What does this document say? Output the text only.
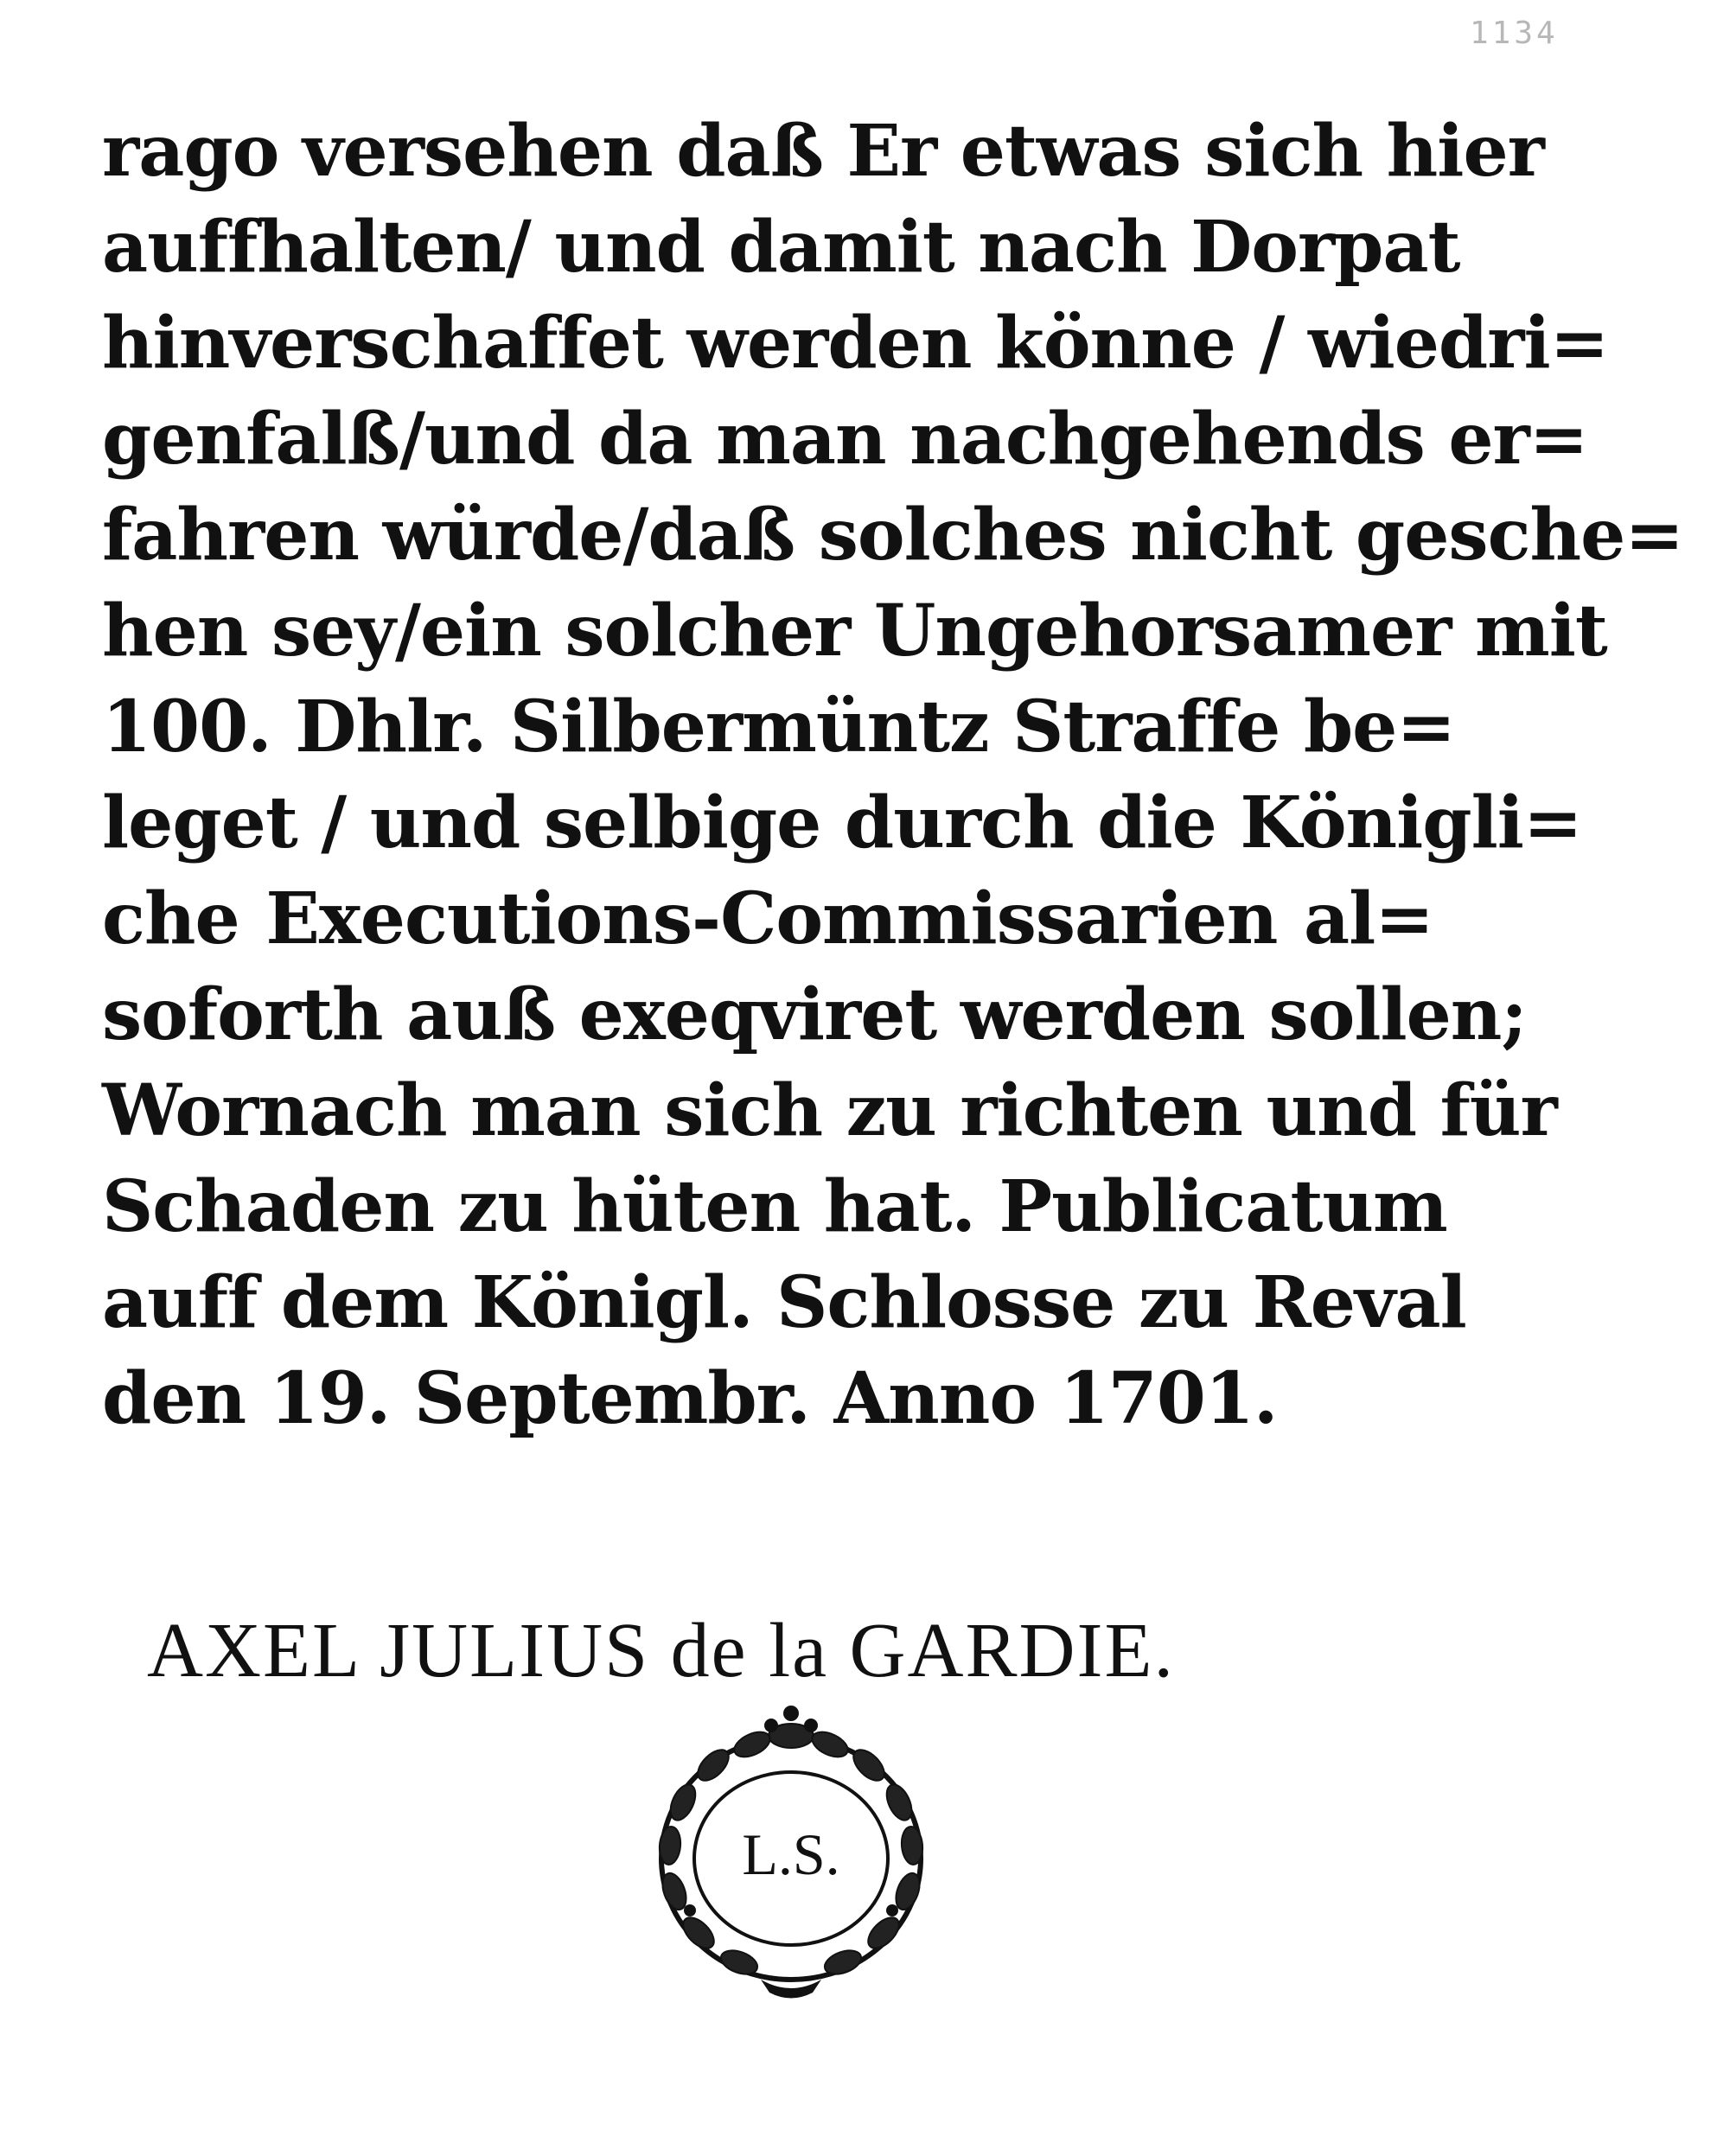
1134
rago versehen daß Er etwas sich hier
auffhalten/ und damit nach Dorpat
hinverschaffet werden könne / wiedri=
genfalß/und da man nachgehends er=
fahren würde/daß solches nicht gesche=
hen sey/ein solcher Ungehorsamer mit
100. Dhlr. Silbermüntz Straffe be=
leget / und selbige durch die Königli=
che Executions-Commissarien al=
soforth auß exeqviret werden sollen;
Wornach man sich zu richten und für
Schaden zu hüten hat. Publicatum
auff dem Königl. Schlosse zu Reval
den 19. Septembr. Anno 1701.
AXEL JULIUS de la GARDIE.
L.S.
